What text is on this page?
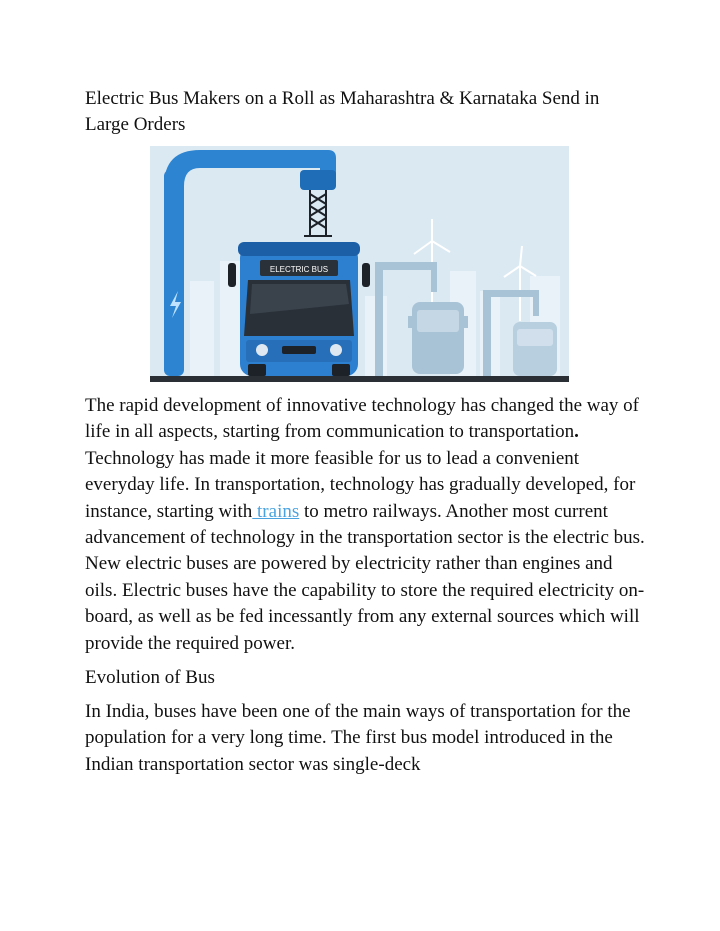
Electric Bus Makers on a Roll as Maharashtra & Karnataka Send in Large Orders
ELECTRIC BUS

The rapid development of innovative technology has changed the way of life in all aspects, starting from communication to transportation. Technology has made it more feasible for us to lead a convenient everyday life. In transportation, technology has gradually developed, for instance, starting with trains to metro railways. Another most current advancement of technology in the transportation sector is the electric bus. New electric buses are powered by electricity rather than engines and oils. Electric buses have the capability to store the required electricity on-board, as well as be fed incessantly from any external sources which will provide the required power.

Evolution of Bus

In India, buses have been one of the main ways of transportation for the population for a very long time. The first bus model introduced in the Indian transportation sector was single-deck
